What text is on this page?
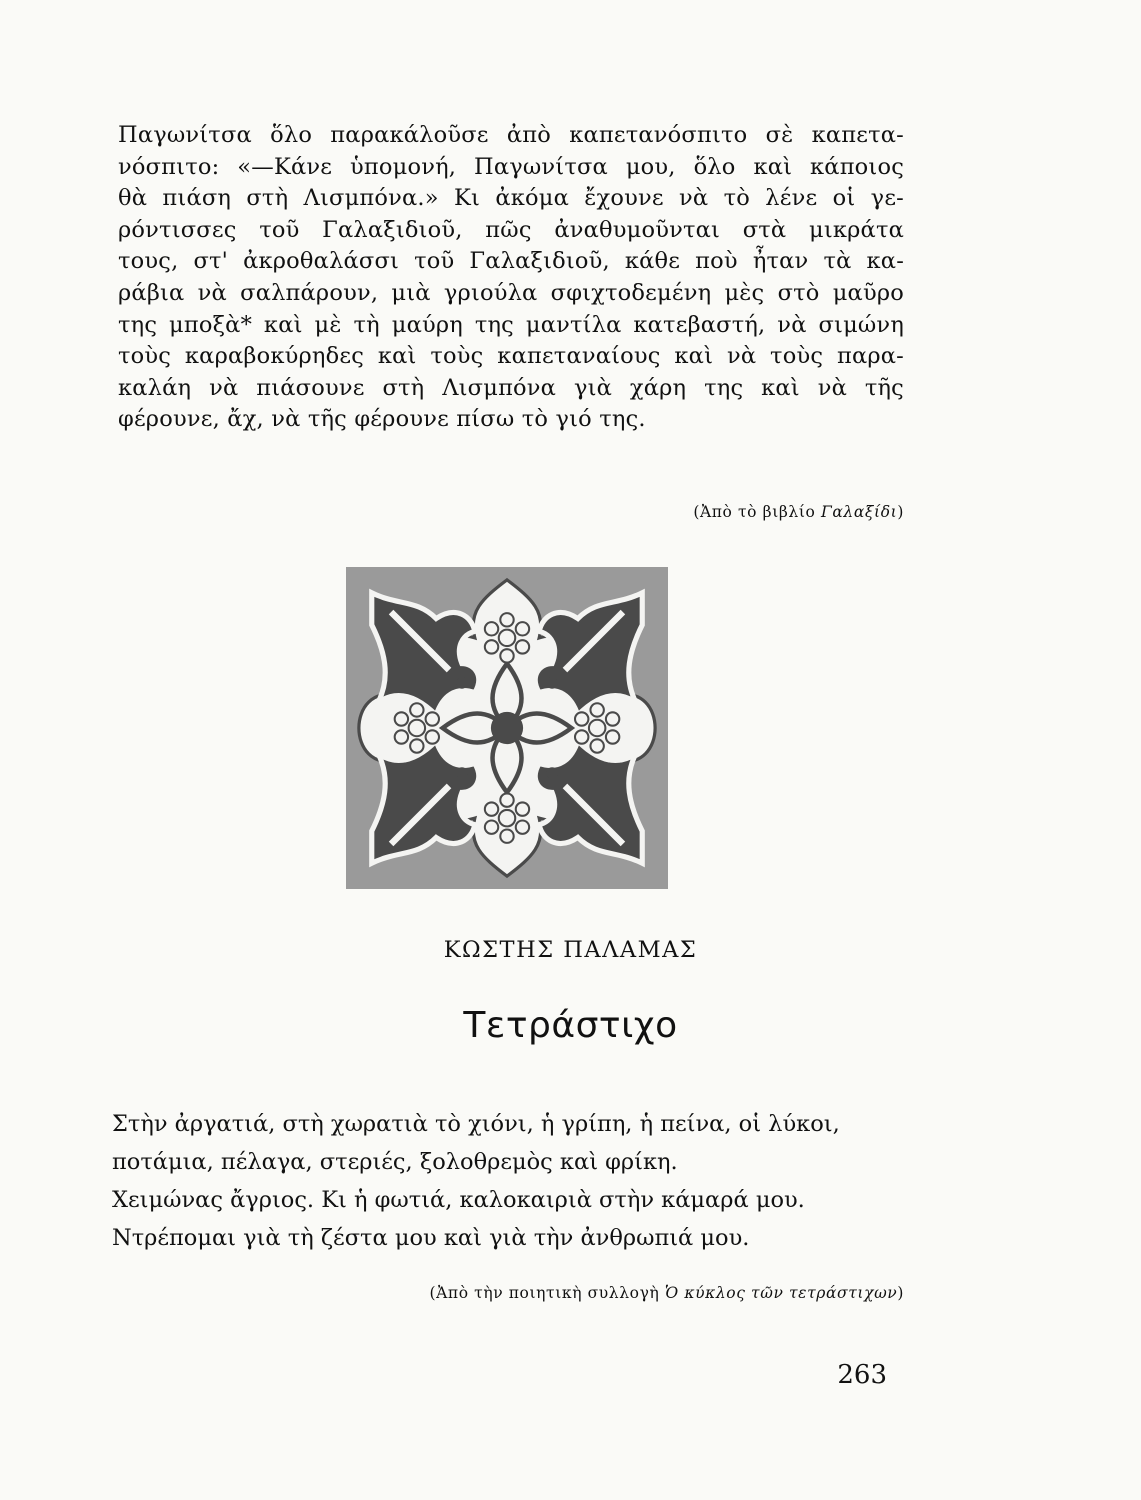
Παγωνίτσα ὅλο παρακάλοῦσε ἀπὸ καπετανόσπιτο σὲ καπετα-
νόσπιτο: «—Κάνε ὑπομονή, Παγωνίτσα μου, ὅλο καὶ κάποιος
θὰ πιάση στὴ Λισμπόνα.» Κι ἀκόμα ἔχουνε νὰ τὸ λένε οἱ γε-
ρόντισσες τοῦ Γαλαξιδιοῦ, πῶς ἀναθυμοῦνται στὰ μικράτα
τους, στ' ἀκροθαλάσσι τοῦ Γαλαξιδιοῦ, κάθε ποὺ ἦταν τὰ κα-
ράβια νὰ σαλπάρουν, μιὰ γριούλα σφιχτοδεμένη μὲς στὸ μαῦρο
της μποξὰ* καὶ μὲ τὴ μαύρη της μαντίλα κατεβαστή, νὰ σιμώνη
τοὺς καραβοκύρηδες καὶ τοὺς καπεταναίους καὶ νὰ τοὺς παρα-
καλάη νὰ πιάσουνε στὴ Λισμπόνα γιὰ χάρη της καὶ νὰ τῆς
φέρουνε, ἄχ, νὰ τῆς φέρουνε πίσω τὸ γιό της.
(Ἀπὸ τὸ βιβλίο Γαλαξίδι)
ΚΩΣΤΗΣ ΠΑΛΑΜΑΣ
Τετράστιχο
Στὴν ἀργατιά, στὴ χωρατιὰ τὸ χιόνι, ἡ γρίπη, ἡ πείνα, οἱ λύκοι,
ποτάμια, πέλαγα, στεριές, ξολοθρεμὸς καὶ φρίκη.
Χειμώνας ἄγριος. Κι ἡ φωτιά, καλοκαιριὰ στὴν κάμαρά μου.
Ντρέπομαι γιὰ τὴ ζέστα μου καὶ γιὰ τὴν ἀνθρωπιά μου.
(Ἀπὸ τὴν ποιητικὴ συλλογὴ Ὁ κύκλος τῶν τετράστιχων)
263
